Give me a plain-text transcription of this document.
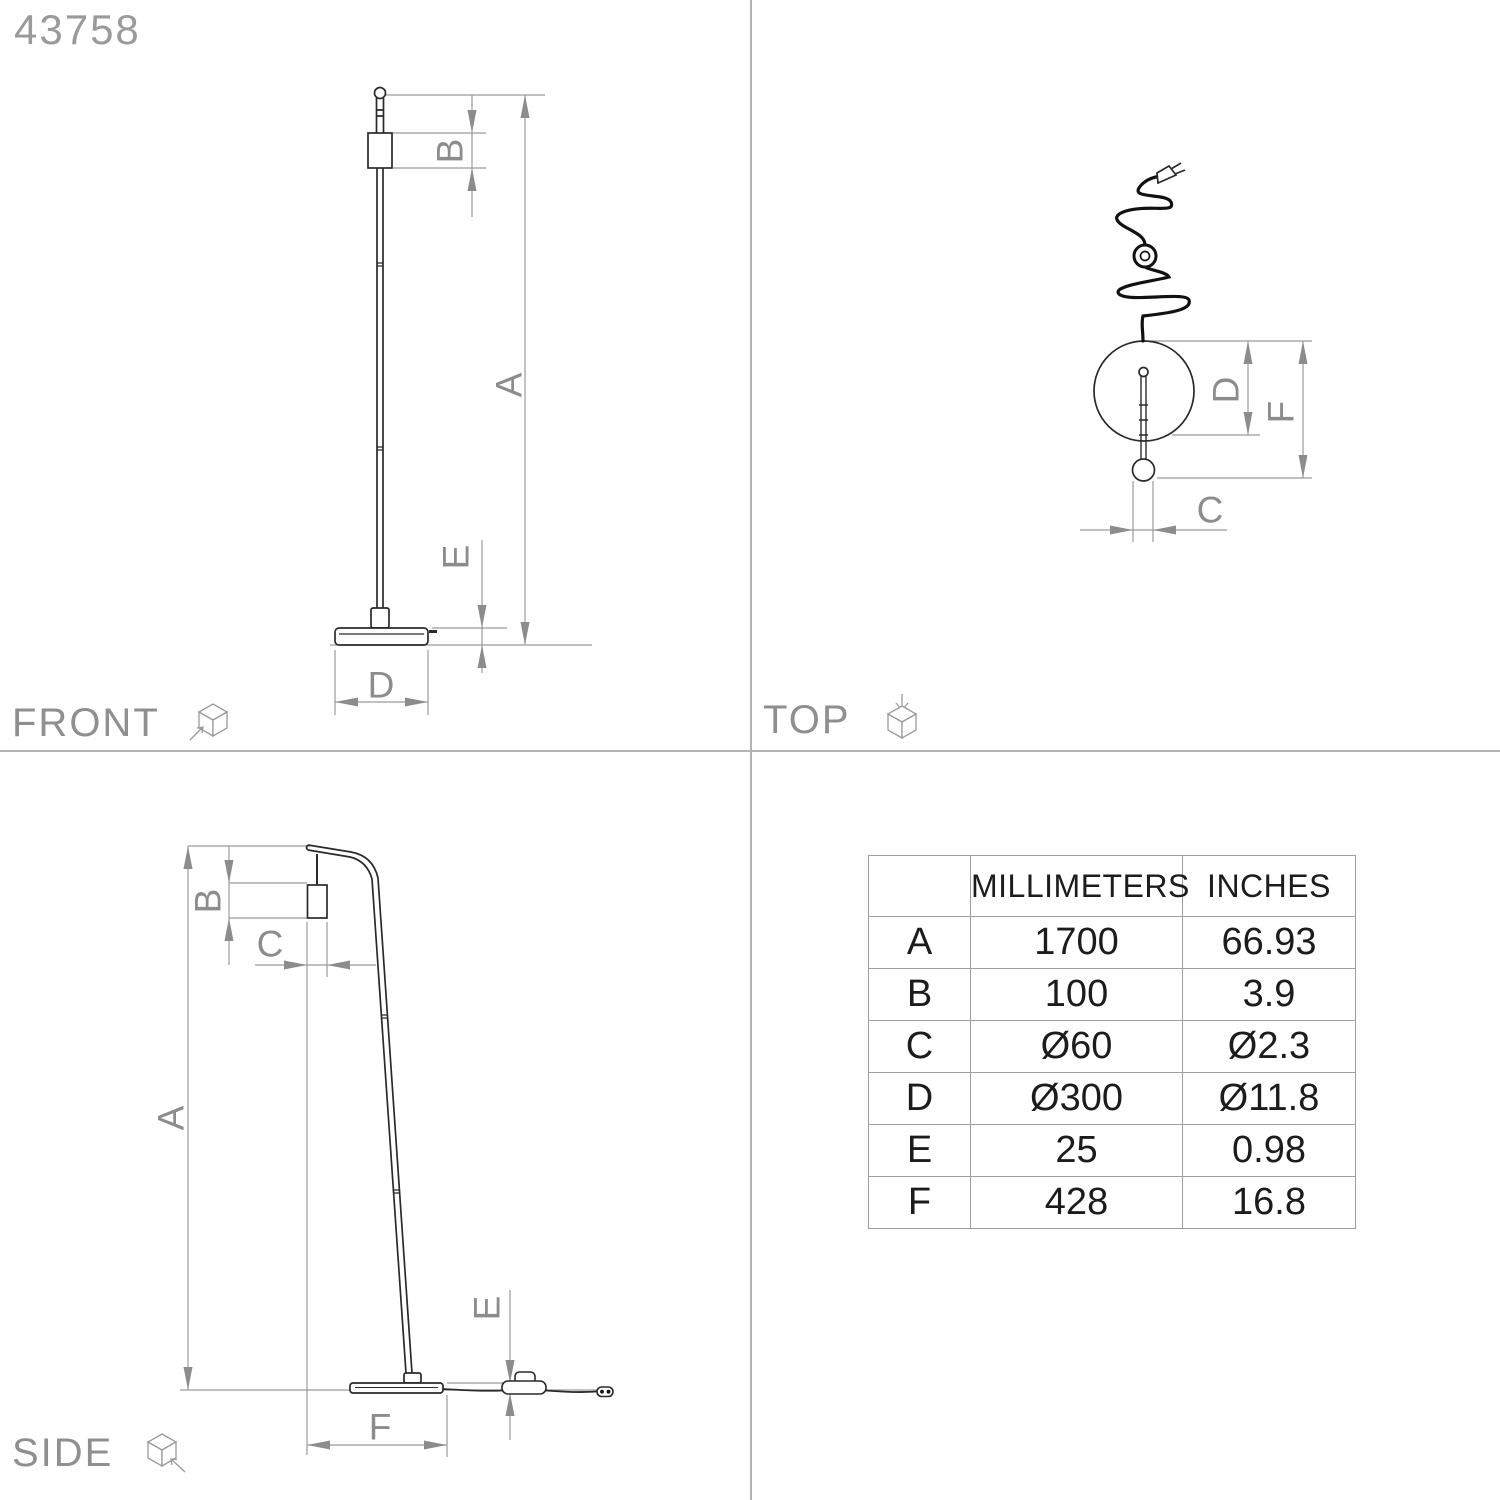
43758
B
A
E
D
D
F
C
B
C
A
E
F
FRONT	TOP
SIDE
	MILLIMETERS	INCHES
A	1700	66.93
B	100	3.9
C	Ø60	Ø2.3
D	Ø300	Ø11.8
E	25	0.98
F	428	16.8
